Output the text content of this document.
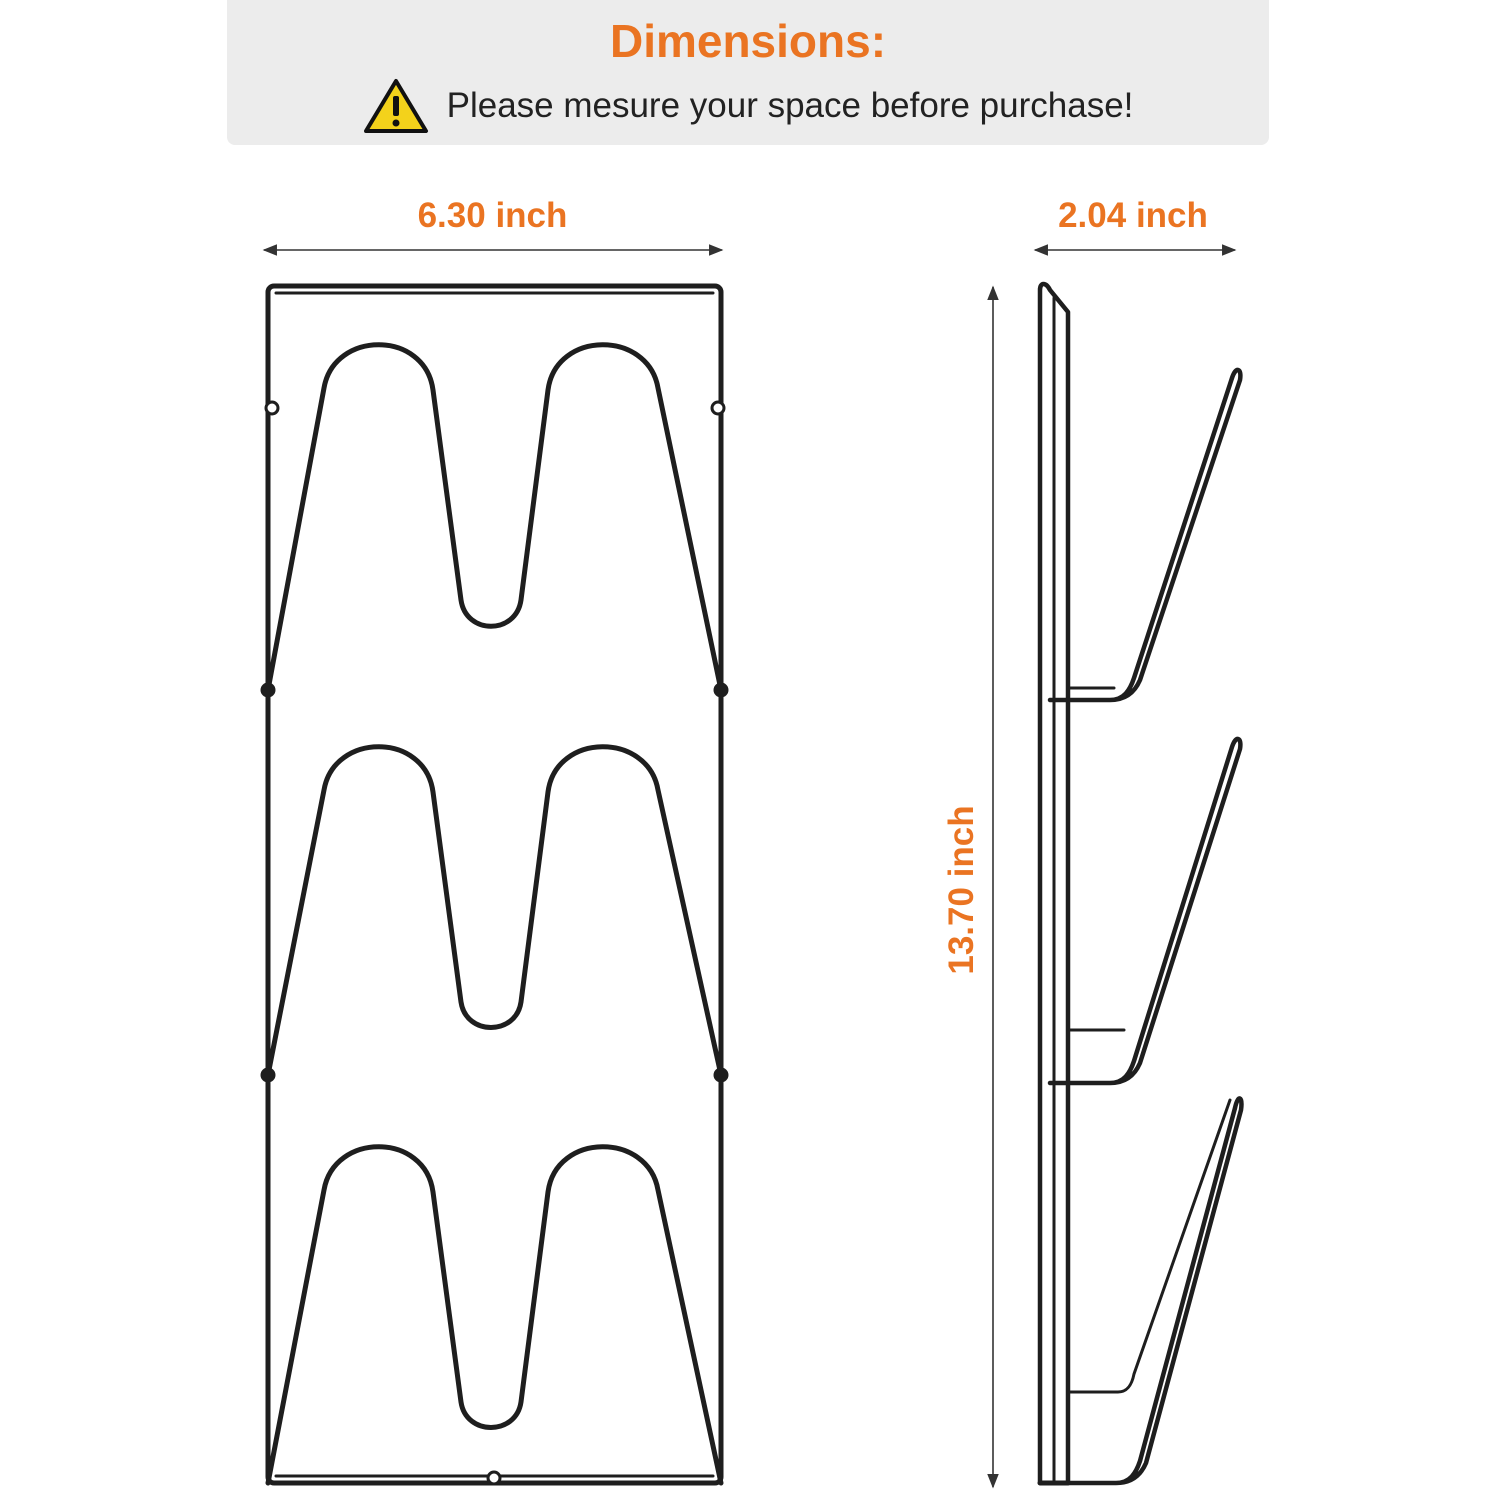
Dimensions:
Please mesure your space before purchase!
6.30 inch	2.04 inch
13.70 inch
